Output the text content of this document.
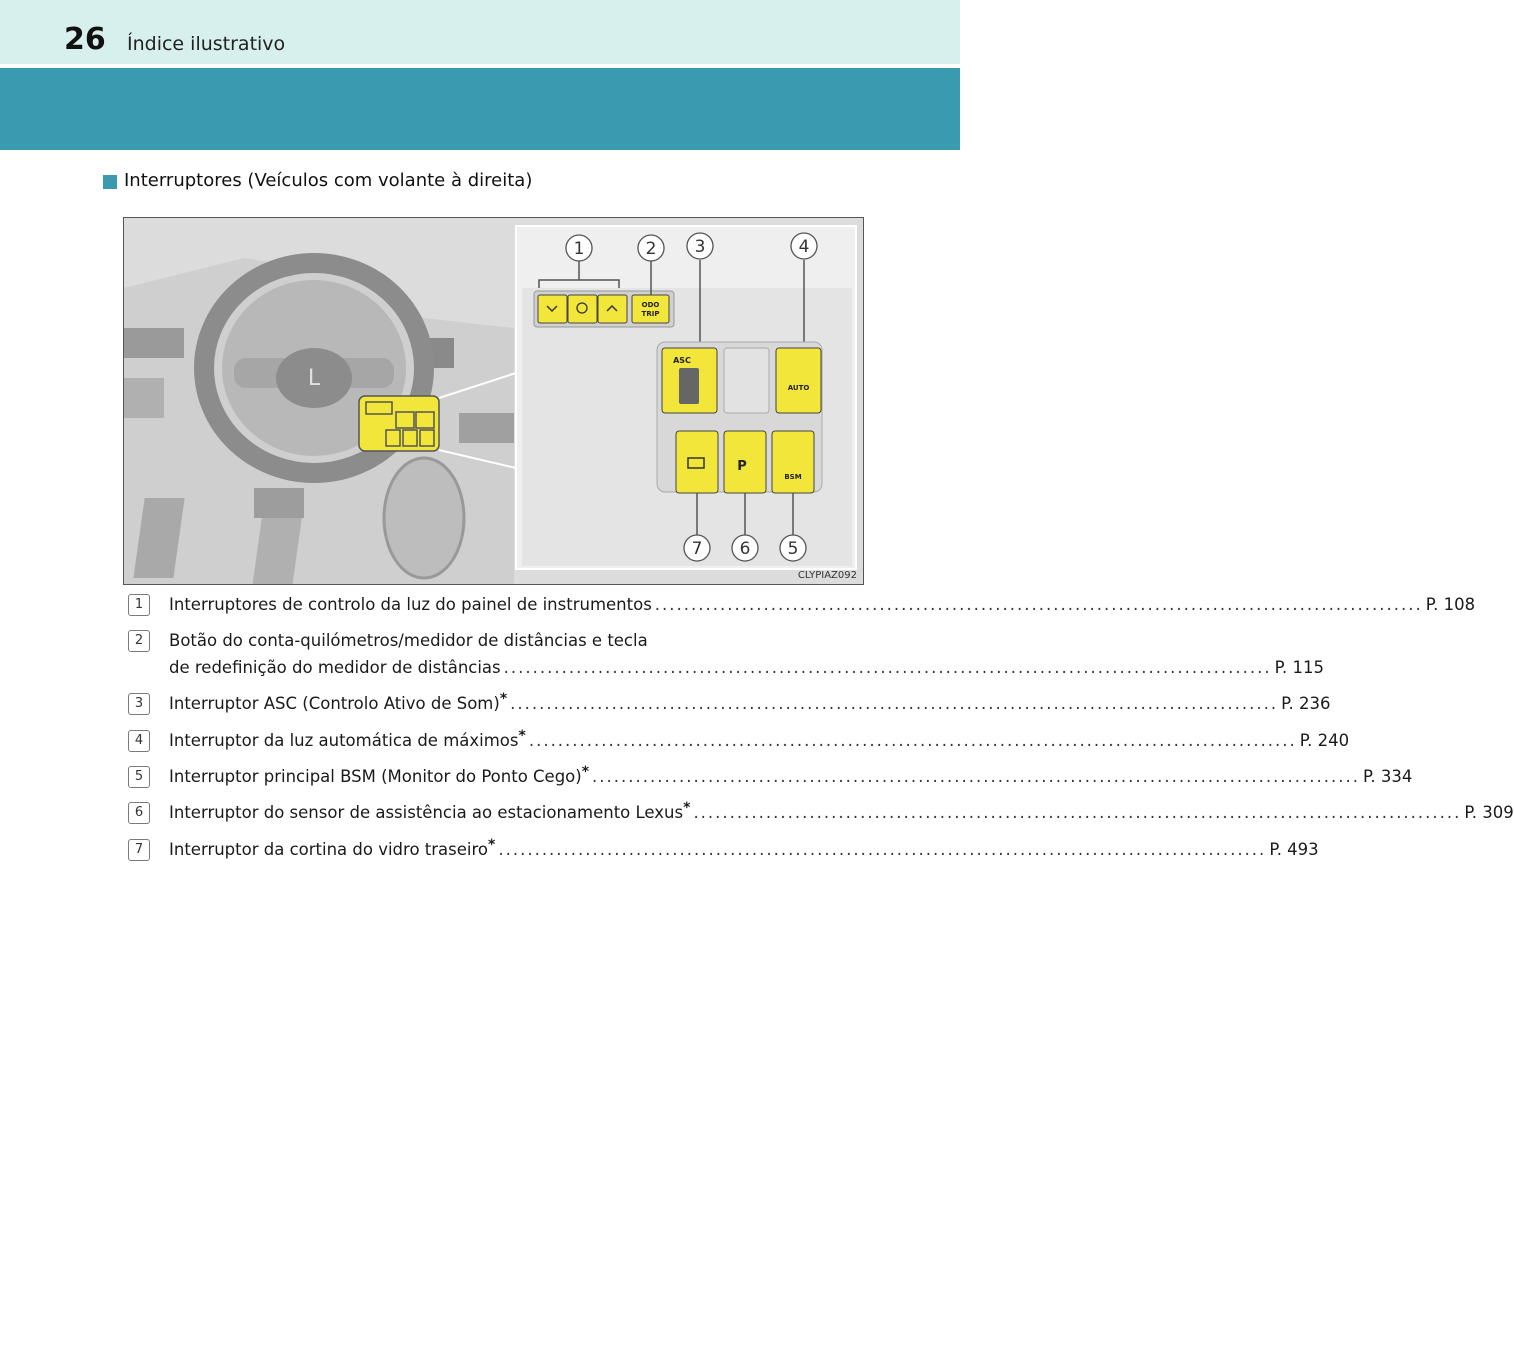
26 Índice ilustrativo
Interruptores (Veículos com volante à direita)
L
ODO
TRIP
ASC
AUTO
P
BSM
1	2 3	4
7 6 5
CLYPIAZ092
1	Interruptores de controlo da luz do painel de instrumentos .......................................................................................................... P. 108
2	Botão do conta-quilómetros/medidor de distâncias e tecla
de redefinição do medidor de distâncias .......................................................................................................... P. 115
3	Interruptor ASC (Controlo Ativo de Som)* .......................................................................................................... P. 236
4	Interruptor da luz automática de máximos* .......................................................................................................... P. 240
5	Interruptor principal BSM (Monitor do Ponto Cego)* .......................................................................................................... P. 334
6	Interruptor do sensor de assistência ao estacionamento Lexus* .......................................................................................................... P. 309
7	Interruptor da cortina do vidro traseiro* .......................................................................................................... P. 493
